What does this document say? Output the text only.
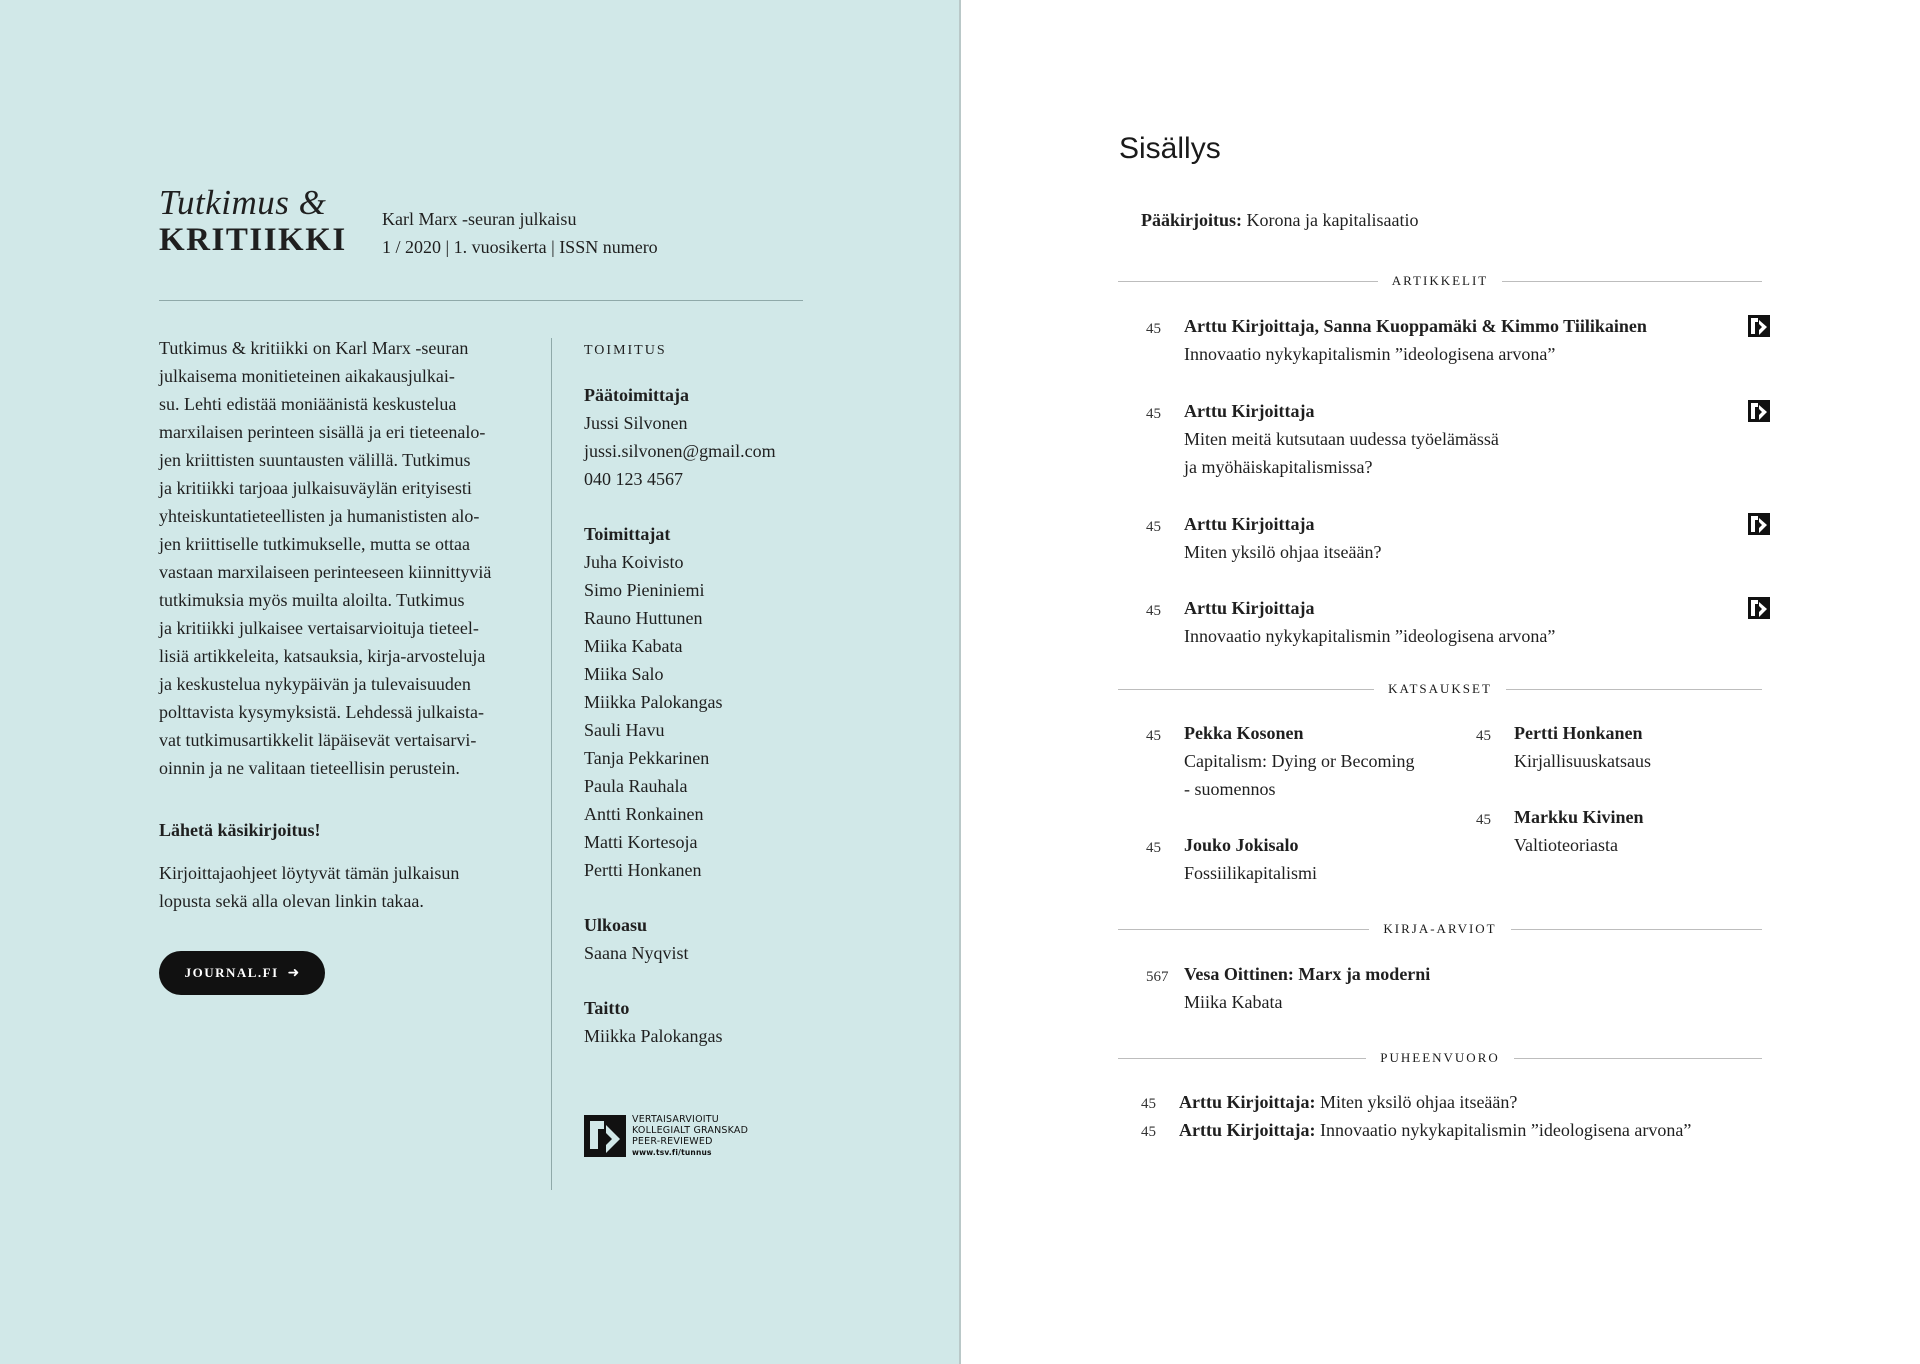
Tutkimus &
KRITIIKKI
Karl Marx -seuran julkaisu
1 / 2020 | 1. vuosikerta | ISSN numero
Tutkimus & kritiikki on Karl Marx -seuran
julkaisema monitieteinen aikakausjulkai-
su. Lehti edistää moniäänistä keskustelua
marxilaisen perinteen sisällä ja eri tieteenalo-
jen kriittisten suuntausten välillä. Tutkimus
ja kritiikki tarjoaa julkaisuväylän erityisesti
yhteiskuntatieteellisten ja humanististen alo-
jen kriittiselle tutkimukselle, mutta se ottaa
vastaan marxilaiseen perinteeseen kiinnittyviä
tutkimuksia myös muilta aloilta. Tutkimus
ja kritiikki julkaisee vertaisarvioituja tieteel-
lisiä artikkeleita, katsauksia, kirja-arvosteluja
ja keskustelua nykypäivän ja tulevaisuuden
polttavista kysymyksistä. Lehdessä julkaista-
vat tutkimusartikkelit läpäisevät vertaisarvi-
oinnin ja ne valitaan tieteellisin perustein.
Lähetä käsikirjoitus!
Kirjoittajaohjeet löytyvät tämän julkaisun
lopusta sekä alla olevan linkin takaa.
JOURNAL.FI ➜
TOIMITUS
Päätoimittaja
Jussi Silvonen
jussi.silvonen@gmail.com
040 123 4567
Toimittajat
Juha Koivisto
Simo Pieniniemi
Rauno Huttunen
Miika Kabata
Miika Salo
Miikka Palokangas
Sauli Havu
Tanja Pekkarinen
Paula Rauhala
Antti Ronkainen
Matti Kortesoja
Pertti Honkanen
Ulkoasu
Saana Nyqvist
Taitto
Miikka Palokangas
VERTAISARVIOITU
KOLLEGIALT GRANSKAD
PEER-REVIEWED
www.tsv.fi/tunnus
Sisällys
Pääkirjoitus: Korona ja kapitalisaatio
ARTIKKELIT
45 Arttu Kirjoittaja, Sanna Kuoppamäki & Kimmo Tiilikainen
Innovaatio nykykapitalismin ”ideologisena arvona”
45 Arttu Kirjoittaja
Miten meitä kutsutaan uudessa työelämässä
ja myöhäiskapitalismissa?
45 Arttu Kirjoittaja
Miten yksilö ohjaa itseään?
45 Arttu Kirjoittaja
Innovaatio nykykapitalismin ”ideologisena arvona”
KATSAUKSET
45 Pekka Kosonen
Capitalism: Dying or Becoming
- suomennos
45 Jouko Jokisalo
Fossiilikapitalismi
45 Pertti Honkanen
Kirjallisuuskatsaus
45 Markku Kivinen
Valtioteoriasta
KIRJA-ARVIOT
567 Vesa Oittinen: Marx ja moderni
Miika Kabata
PUHEENVUORO
45 Arttu Kirjoittaja: Miten yksilö ohjaa itseään?
45 Arttu Kirjoittaja: Innovaatio nykykapitalismin ”ideologisena arvona”
